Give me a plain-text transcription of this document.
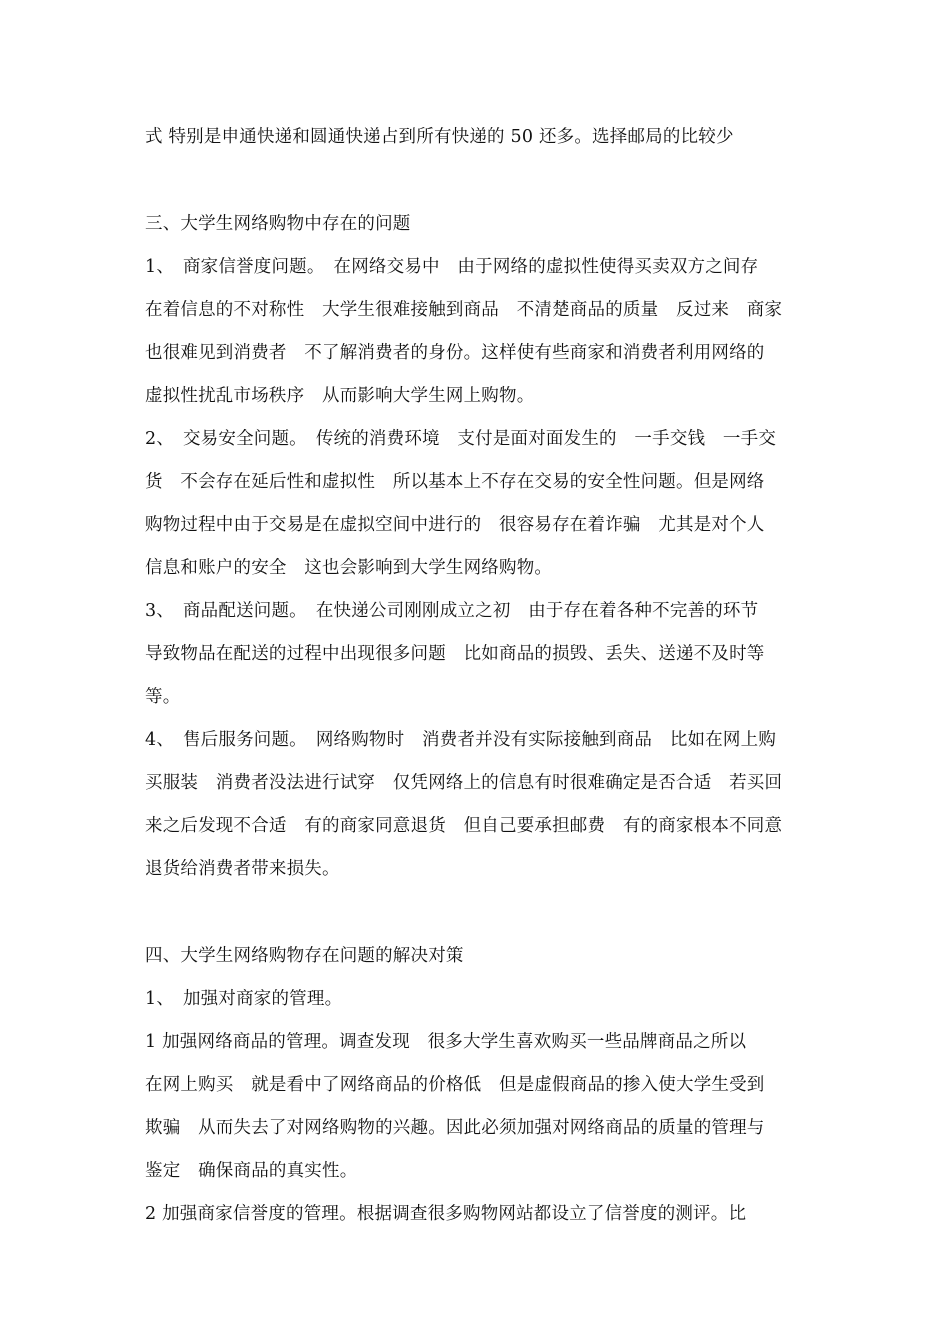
式 特别是申通快递和圆通快递占到所有快递的 50 还多。选择邮局的比较少
三、大学生网络购物中存在的问题
1、　商家信誉度问题。　在网络交易中　由于网络的虚拟性使得买卖双方之间存
在着信息的不对称性　大学生很难接触到商品　不清楚商品的质量　反过来　商家
也很难见到消费者　不了解消费者的身份。这样使有些商家和消费者利用网络的
虚拟性扰乱市场秩序　从而影响大学生网上购物。
2、　交易安全问题。　传统的消费环境　支付是面对面发生的　一手交钱　一手交
货　不会存在延后性和虚拟性　所以基本上不存在交易的安全性问题。但是网络
购物过程中由于交易是在虚拟空间中进行的　很容易存在着诈骗　尤其是对个人
信息和账户的安全　这也会影响到大学生网络购物。
3、　商品配送问题。　在快递公司刚刚成立之初　由于存在着各种不完善的环节
导致物品在配送的过程中出现很多问题　比如商品的损毁、丢失、送递不及时等
等。
4、　售后服务问题。　网络购物时　消费者并没有实际接触到商品　比如在网上购
买服装　消费者没法进行试穿　仅凭网络上的信息有时很难确定是否合适　若买回
来之后发现不合适　有的商家同意退货　但自己要承担邮费　有的商家根本不同意
退货给消费者带来损失。
四、大学生网络购物存在问题的解决对策
1、　加强对商家的管理。
1 加强网络商品的管理。调查发现　很多大学生喜欢购买一些品牌商品之所以
在网上购买　就是看中了网络商品的价格低　但是虚假商品的掺入使大学生受到
欺骗　从而失去了对网络购物的兴趣。因此必须加强对网络商品的质量的管理与
鉴定　确保商品的真实性。
2 加强商家信誉度的管理。根据调查很多购物网站都设立了信誉度的测评。比
